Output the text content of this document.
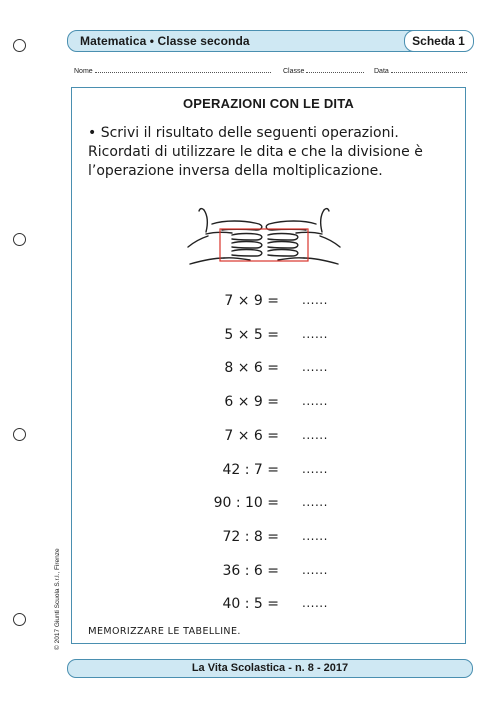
Matematica • Classe seconda	Scheda 1
Nome	Classe	Data
OPERAZIONI CON LE DITA
• Scrivi il risultato delle seguenti operazioni. Ricordati di utilizzare le dita e che la divisione è l’operazione inversa della moltiplicazione.
7 × 9 = ......
5 × 5 = ......
8 × 6 = ......
6 × 9 = ......
7 × 6 = ......
42 : 7 = ......
90 : 10 = ......
72 : 8 = ......
36 : 6 = ......
40 : 5 = ......
MEMORIZZARE LE TABELLINE.
© 2017 Giunti Scuola S.r.l., Firenze
La Vita Scolastica - n. 8 - 2017
